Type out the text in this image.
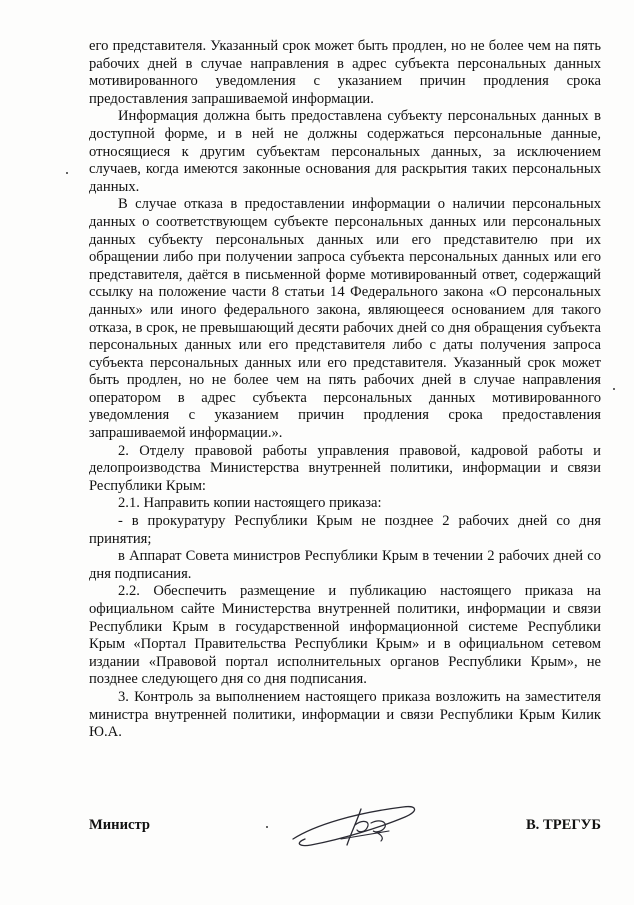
его представителя. Указанный срок может быть продлен, но не более чем на пять рабочих дней в случае направления в адрес субъекта персональных данных мотивированного уведомления с указанием причин продления срока предоставления запрашиваемой информации.

Информация должна быть предоставлена субъекту персональных данных в доступной форме, и в ней не должны содержаться персональные данные, относящиеся к другим субъектам персональных данных, за исключением случаев, когда имеются законные основания для раскрытия таких персональных данных.

В случае отказа в предоставлении информации о наличии персональных данных о соответствующем субъекте персональных данных или персональных данных субъекту персональных данных или его представителю при их обращении либо при получении запроса субъекта персональных данных или его представителя, даётся в письменной форме мотивированный ответ, содержащий ссылку на положение части 8 статьи 14 Федерального закона «О персональных данных» или иного федерального закона, являющееся основанием для такого отказа, в срок, не превышающий десяти рабочих дней со дня обращения субъекта персональных данных или его представителя либо с даты получения запроса субъекта персональных данных или его представителя. Указанный срок может быть продлен, но не более чем на пять рабочих дней в случае направления оператором в адрес субъекта персональных данных мотивированного уведомления с указанием причин продления срока предоставления запрашиваемой информации.».

2. Отделу правовой работы управления правовой, кадровой работы и делопроизводства Министерства внутренней политики, информации и связи Республики Крым:

2.1. Направить копии настоящего приказа:

- в прокуратуру Республики Крым не позднее 2 рабочих дней со дня принятия;

в Аппарат Совета министров Республики Крым в течении 2 рабочих дней со дня подписания.

2.2. Обеспечить размещение и публикацию настоящего приказа на официальном сайте Министерства внутренней политики, информации и связи Республики Крым в государственной информационной системе Республики Крым «Портал Правительства Республики Крым» и в официальном сетевом издании «Правовой портал исполнительных органов Республики Крым», не позднее следующего дня со дня подписания.

3. Контроль за выполнением настоящего приказа возложить на заместителя министра внутренней политики, информации и связи Республики Крым Килик Ю.А.

Министр	В. ТРЕГУБ
